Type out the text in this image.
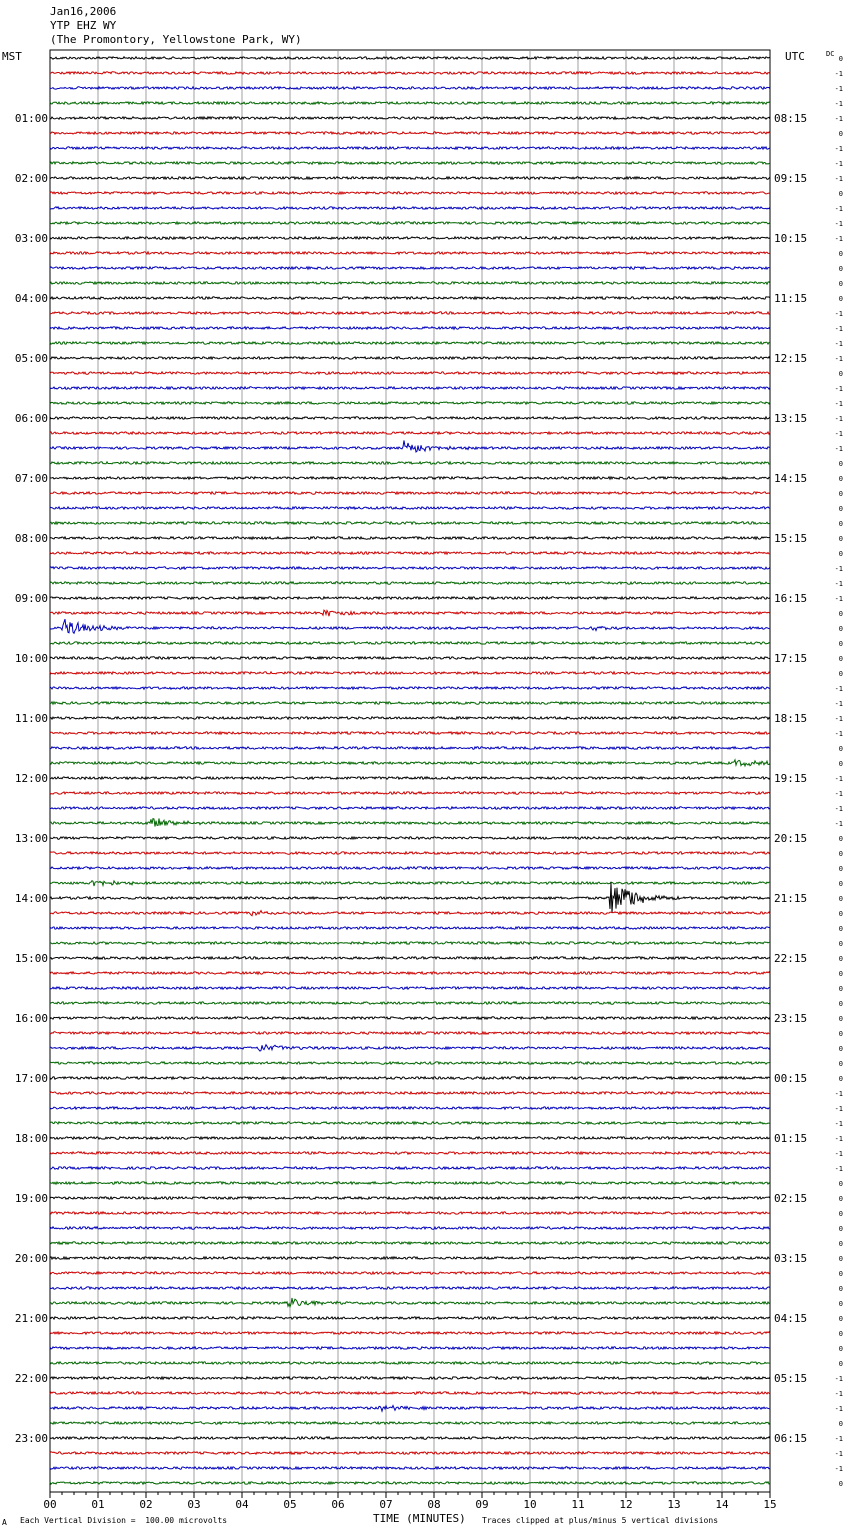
Jan16,2006
YTP EHZ WY
(The Promontory, Yellowstone Park, WY)
MST	UTC	DC
00	01	02	03	04	05	06	07	08	09	10	11	12	13	14	15
0
-1
-1
-1
-1
0
-1
-1
-1
0
-1
-1
-1
0
0
0
0
-1
-1
-1
-1
0
-1
-1
-1
-1
-1
0
0
0
0
0
0
0
-1
-1
-1
0
0
0
0
0
-1
-1
-1
-1
0
0
-1
-1
-1
-1
0
0
0
0
0
0
0
0
0
0
0
0
0
0
0
0
0
-1
-1
-1
-1
-1
-1
0
0
0
0
0
0
0
0
0
0
0
0
0
-1
-1
-1
0
-1
-1
-1
0
01:00
02:00
03:00
04:00
05:00
06:00
07:00
08:00
09:00
10:00
11:00
12:00
13:00
14:00
15:00
16:00
17:00
18:00
19:00
20:00
21:00
22:00
23:00
08:15
09:15
10:15
11:15
12:15
13:15
14:15
15:15
16:15
17:15
18:15
19:15
20:15
21:15
22:15
23:15
00:15
01:15
02:15
03:15
04:15
05:15
06:15
A Each Vertical Division =  100.00 microvolts	TIME (MINUTES) Traces clipped at plus/minus 5 vertical divisions
